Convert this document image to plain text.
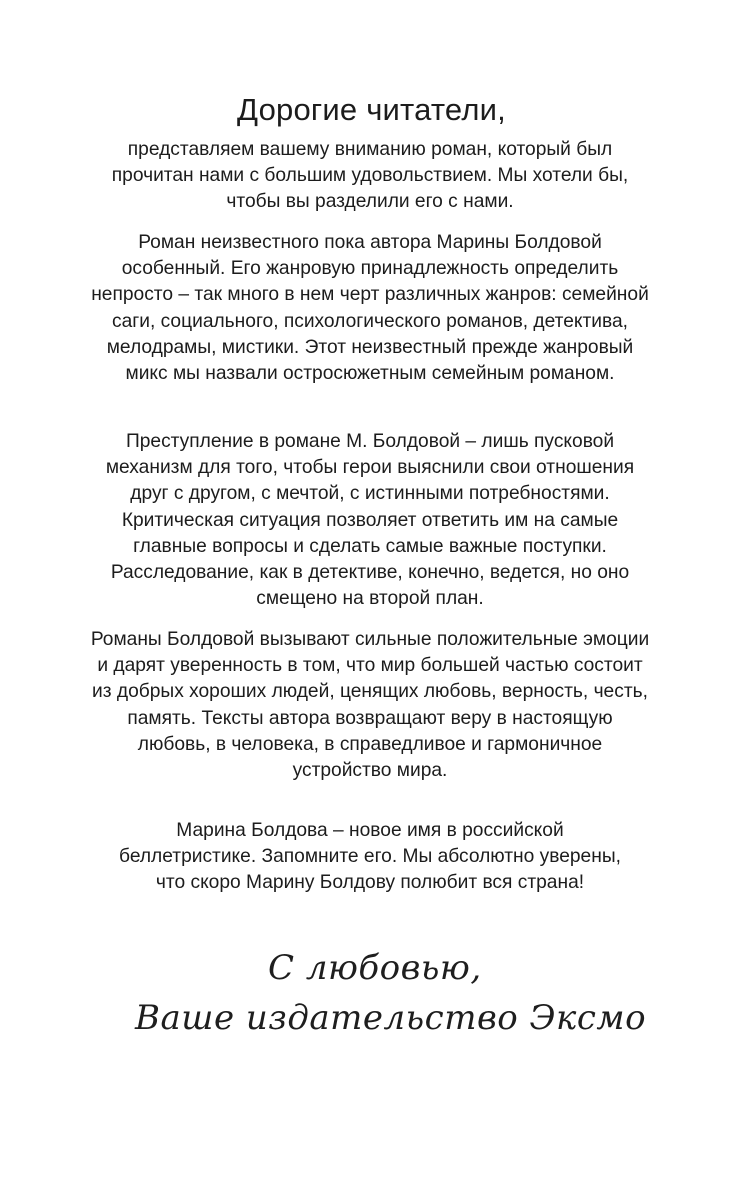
Дорогие читатели,

представляем вашему вниманию роман, который был прочитан нами с большим удовольствием. Мы хотели бы, чтобы вы разделили его с нами.

Роман неизвестного пока автора Марины Болдовой особенный. Его жанровую принадлежность определить непросто – так много в нем черт различных жанров: семейной саги, социального, психологического романов, детектива, мелодрамы, мистики. Этот неизвестный прежде жанровый микс мы назвали остросюжетным семейным романом.

Преступление в романе М. Болдовой – лишь пусковой механизм для того, чтобы герои выяснили свои отношения друг с другом, с мечтой, с истинными потребностями. Критическая ситуация позволяет ответить им на самые главные вопросы и сделать самые важные поступки. Расследование, как в детективе, конечно, ведется, но оно смещено на второй план.

Романы Болдовой вызывают сильные положительные эмоции и дарят уверенность в том, что мир большей частью состоит из добрых хороших людей, ценящих любовь, верность, честь, память. Тексты автора возвращают веру в настоящую любовь, в человека, в справедливое и гармоничное устройство мира.

Марина Болдова – новое имя в российской беллетристике. Запомните его. Мы абсолютно уверены, что скоро Марину Болдову полюбит вся страна!

С любовью,
Ваше издательство Эксмо
